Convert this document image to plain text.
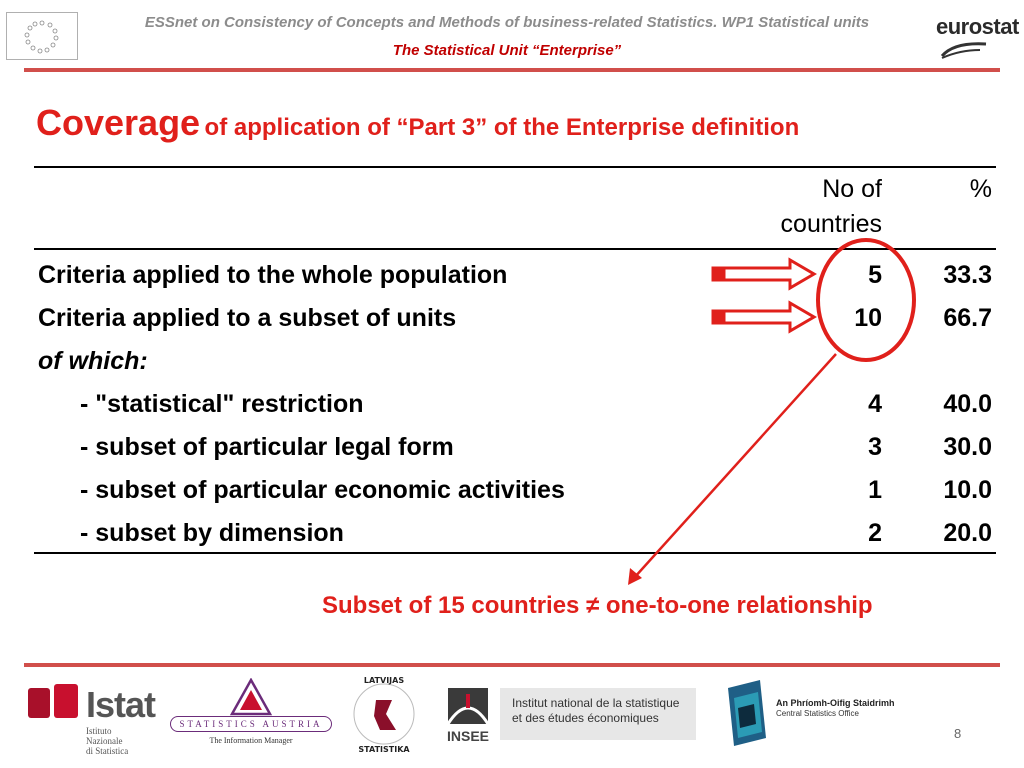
ESSnet on Consistency of Concepts and Methods of business-related Statistics. WP1 Statistical units
The Statistical Unit “Enterprise”
eurostat
Coverage of application of “Part 3” of the Enterprise definition
No of countries
%
Criteria applied to the whole population	5 33.3
Criteria applied to a subset of units	10 66.7
of which:
- "statistical" restriction	4 40.0
- subset of particular legal form	3 30.0
- subset of particular economic activities	1 10.0
- subset by dimension	2 20.0
Subset of 15 countries ≠ one-to-one relationship
Istat
Istituto Nazionale
di Statistica
STATISTICS AUSTRIA
The Information Manager
LATVIJAS
STATISTIKA
INSEE
Institut national de la statistique et des études économiques
An Phríomh-Oifig Staidrimh
Central Statistics Office
8
